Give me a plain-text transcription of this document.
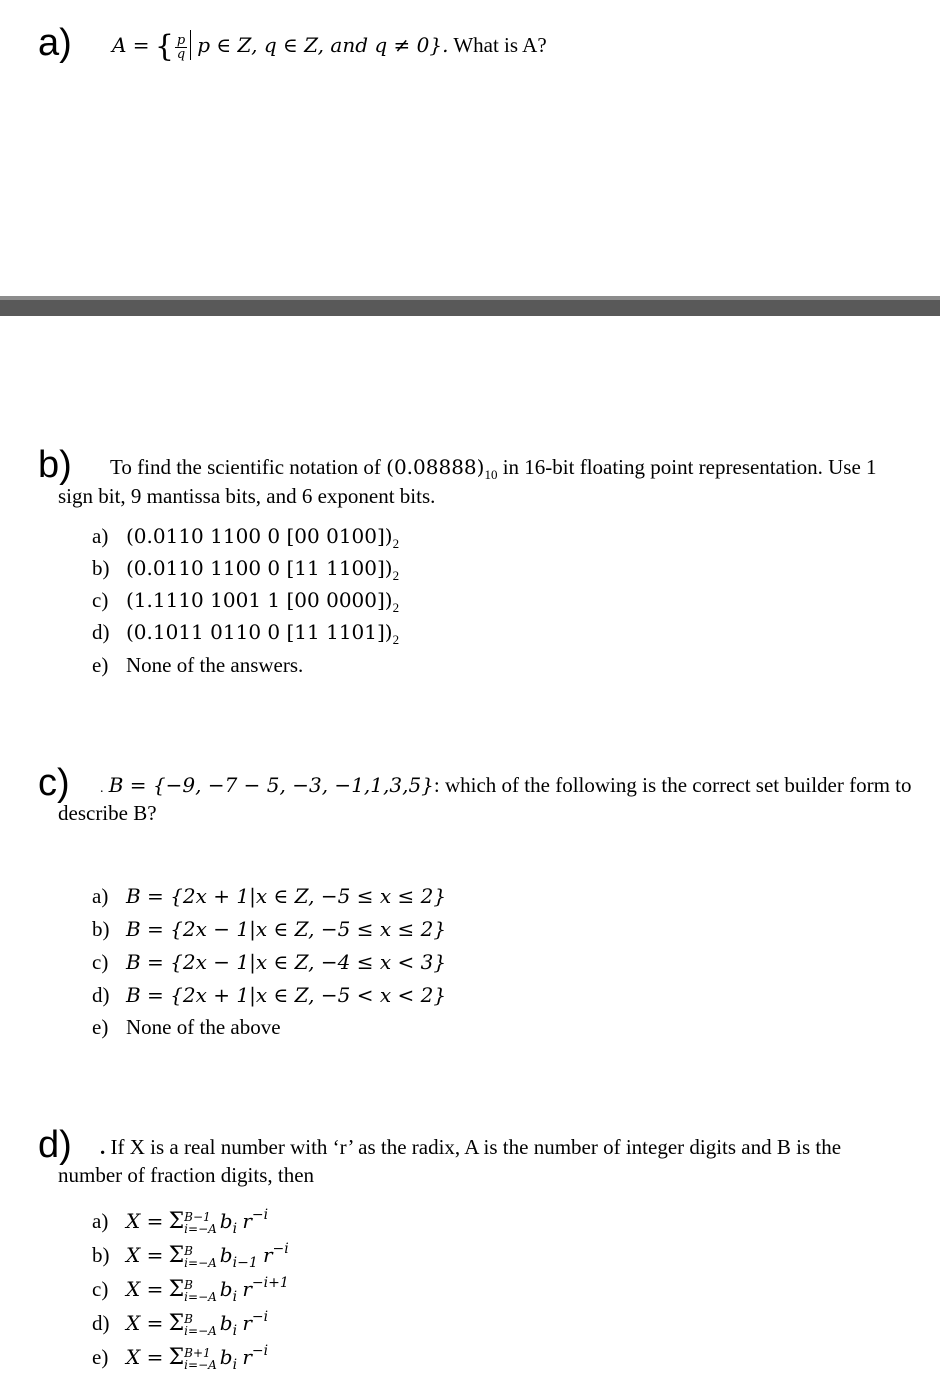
a) A = { $\frac{p}{q}$ p ∈ Z, q ∈ Z, and q ≠ 0}. What is A?
b) To find the scientific notation of $(0.08888)_{10}$ in 16-bit floating point representation. Use 1
sign bit, 9 mantissa bits, and 6 exponent bits.
a) (0.0110 1100 0 [00 $0100])_2$
b) (0.0110 1100 0 [11 $1100])_2$
c) (1.1110 1001 1 [00 $0000])_2$
d) (0.1011 0110 0 [11 $1101])_2$
e) None of the answers.
c) . B = {−9, −7 − 5, −3, −1,1,3,5}: which of the following is the correct set builder form to
describe B?
a) B = {2x + 1|x ∈ Z, −5 ≤ x ≤ 2}
b) B = {2x − 1|x ∈ Z, −5 ≤ x ≤ 2}
c) B = {2x − 1|x ∈ Z, −4 ≤ x < 3}
d) B = {2x + 1|x ∈ Z, −5 < x < 2}
e) None of the above
d) . If X is a real number with ‘r’ as the radix, A is the number of integer digits and B is the
number of fraction digits, then
a) X = Σ B−1
i=−A $b_i$ $r^{-i}$
b) X = Σ B
i=−A $b_{i-1}$ $r^{-i}$
c) X = Σ B
i=−A $b_i$ $r^{-i+1}$
d) X = Σ B
i=−A $b_i$ $r^{-i}$
e) X = Σ B+1
i=−A $b_i$ $r^{-i}$
